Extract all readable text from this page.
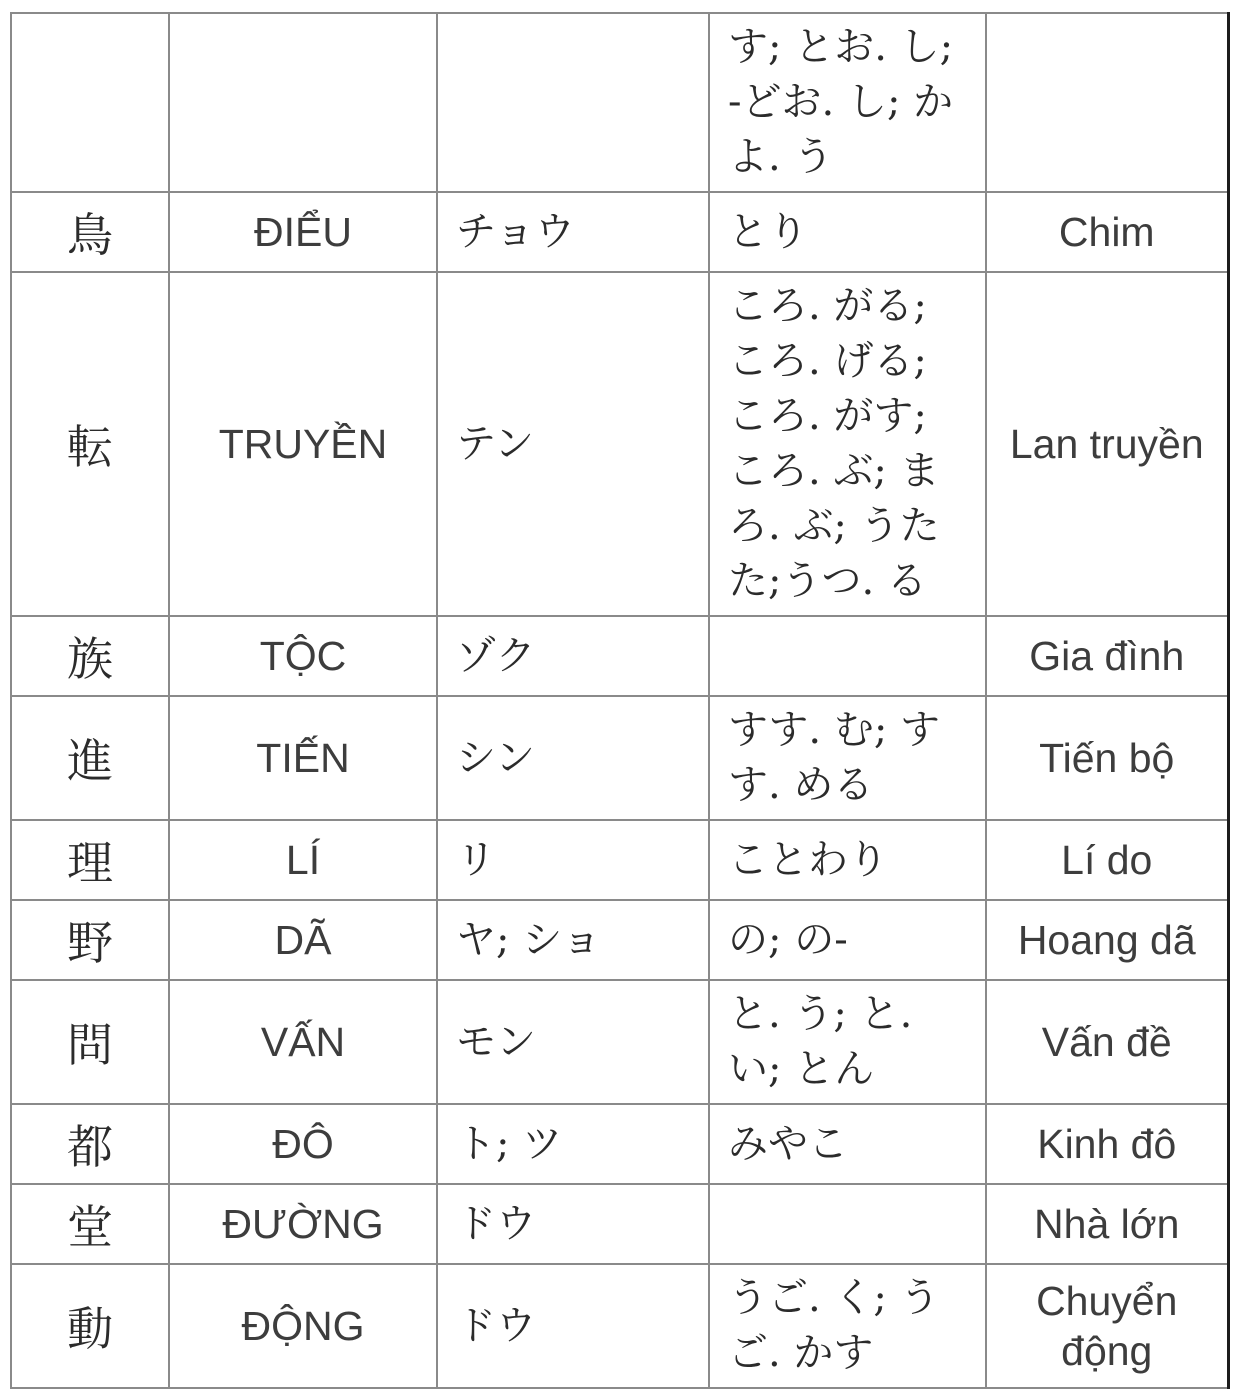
			す; とお. し;
-どお. し; か
よ. う	
鳥	ĐIỂU	チョウ	とり	Chim
転	TRUYỀN	テン	ころ. がる;
ころ. げる;
ころ. がす;
ころ. ぶ; ま
ろ. ぶ; うた
た;うつ. る	Lan truyền
族	TỘC	ゾク		Gia đình
進	TIẾN	シン	すす. む; す
す. める	Tiến bộ
理	LÍ	リ	ことわり	Lí do
野	DÃ	ヤ; ショ	の; の-	Hoang dã
問	VẤN	モン	と. う; と.
い; とん	Vấn đề
都	ĐÔ	ト; ツ	みやこ	Kinh đô
堂	ĐƯỜNG	ドウ		Nhà lớn
動	ĐỘNG	ドウ	うご. く; う
ご. かす	Chuyển
động
